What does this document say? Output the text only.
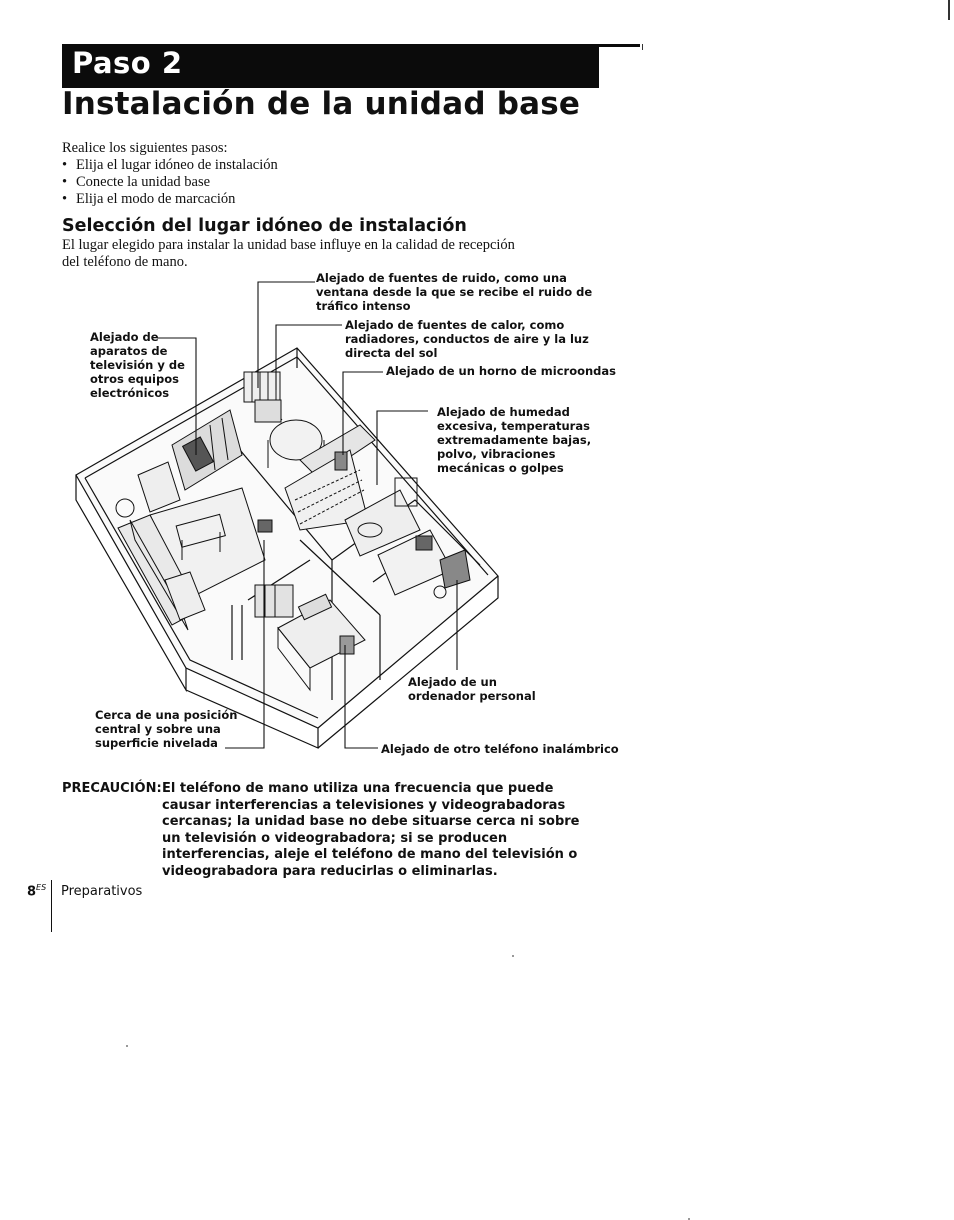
Paso 2
Instalación de la unidad base
Realice los siguientes pasos:
• Elija el lugar idóneo de instalación
• Conecte la unidad base
• Elija el modo de marcación
Selección del lugar idóneo de instalación
El lugar elegido para instalar la unidad base influye en la calidad de recepción del teléfono de mano.
Alejado de fuentes de ruido, como una
ventana desde la que se recibe el ruido de
tráfico intenso
Alejado de fuentes de calor, como
radiadores, conductos de aire y la luz
directa del sol
Alejado de un horno de microondas
Alejado de
aparatos de
televisión y de
otros equipos
electrónicos
Alejado de humedad
excesiva, temperaturas
extremadamente bajas,
polvo, vibraciones
mecánicas o golpes
Alejado de un
ordenador personal
Cerca de una posición
central y sobre una
superficie nivelada	Alejado de otro teléfono inalámbrico
PRECAUCIÓN: El teléfono de mano utiliza una frecuencia que puede causar interferencias a televisiones y videograbadoras cercanas; la unidad base no debe situarse cerca ni sobre un televisión o videograbadora; si se producen interferencias, aleje el teléfono de mano del televisión o videograbadora para reducirlas o eliminarlas.
$8^{ES}$ Preparativos
